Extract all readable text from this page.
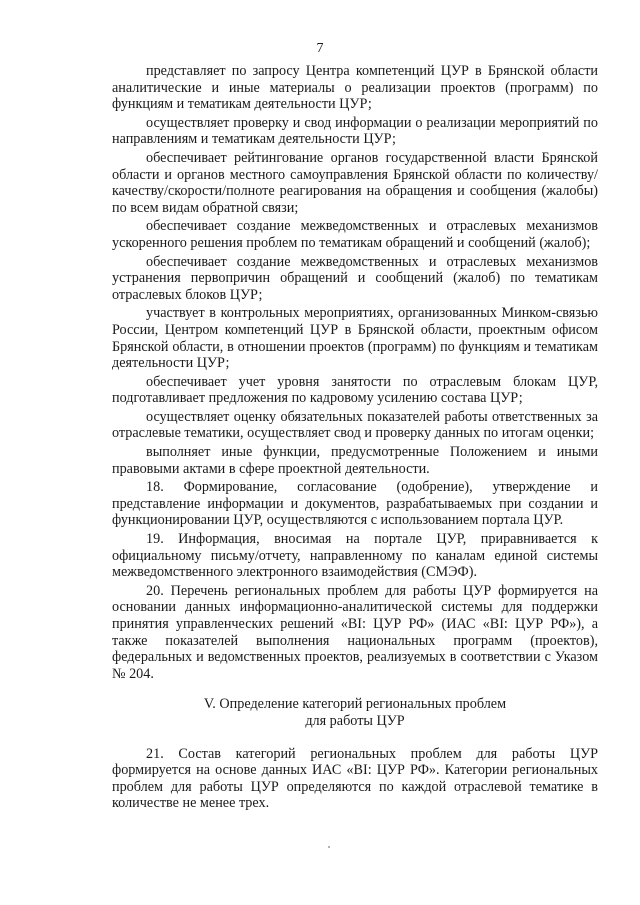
7

представляет по запросу Центра компетенций ЦУР в Брянской области аналитические и иные материалы о реализации проектов (программ) по функциям и тематикам деятельности ЦУР;

осуществляет проверку и свод информации о реализации мероприятий по направлениям и тематикам деятельности ЦУР;

обеспечивает рейтингование органов государственной власти Брянской области и органов местного самоуправления Брянской области по количеству/качеству/скорости/полноте реагирования на обращения и сообщения (жалобы) по всем видам обратной связи;

обеспечивает создание межведомственных и отраслевых механизмов ускоренного решения проблем по тематикам обращений и сообщений (жалоб);

обеспечивает создание межведомственных и отраслевых механизмов устранения первопричин обращений и сообщений (жалоб) по тематикам отраслевых блоков ЦУР;

участвует в контрольных мероприятиях, организованных Минком-связью России, Центром компетенций ЦУР в Брянской области, проектным офисом Брянской области, в отношении проектов (программ) по функциям и тематикам деятельности ЦУР;

обеспечивает учет уровня занятости по отраслевым блокам ЦУР, подготавливает предложения по кадровому усилению состава ЦУР;

осуществляет оценку обязательных показателей работы ответственных за отраслевые тематики, осуществляет свод и проверку данных по итогам оценки;

выполняет иные функции, предусмотренные Положением и иными правовыми актами в сфере проектной деятельности.

18. Формирование, согласование (одобрение), утверждение и представление информации и документов, разрабатываемых при создании и функционировании ЦУР, осуществляются с использованием портала ЦУР.

19. Информация, вносимая на портале ЦУР, приравнивается к официальному письму/отчету, направленному по каналам единой системы межведомственного электронного взаимодействия (СМЭФ).

20. Перечень региональных проблем для работы ЦУР формируется на основании данных информационно-аналитической системы для поддержки принятия управленческих решений «BI: ЦУР РФ» (ИАС «BI: ЦУР РФ»), а также показателей выполнения национальных программ (проектов), федеральных и ведомственных проектов, реализуемых в соответствии с Указом № 204.

V. Определение категорий региональных проблем
для работы ЦУР

21. Состав категорий региональных проблем для работы ЦУР формируется на основе данных ИАС «BI: ЦУР РФ». Категории региональных проблем для работы ЦУР определяются по каждой отраслевой тематике в количестве не менее трех.
